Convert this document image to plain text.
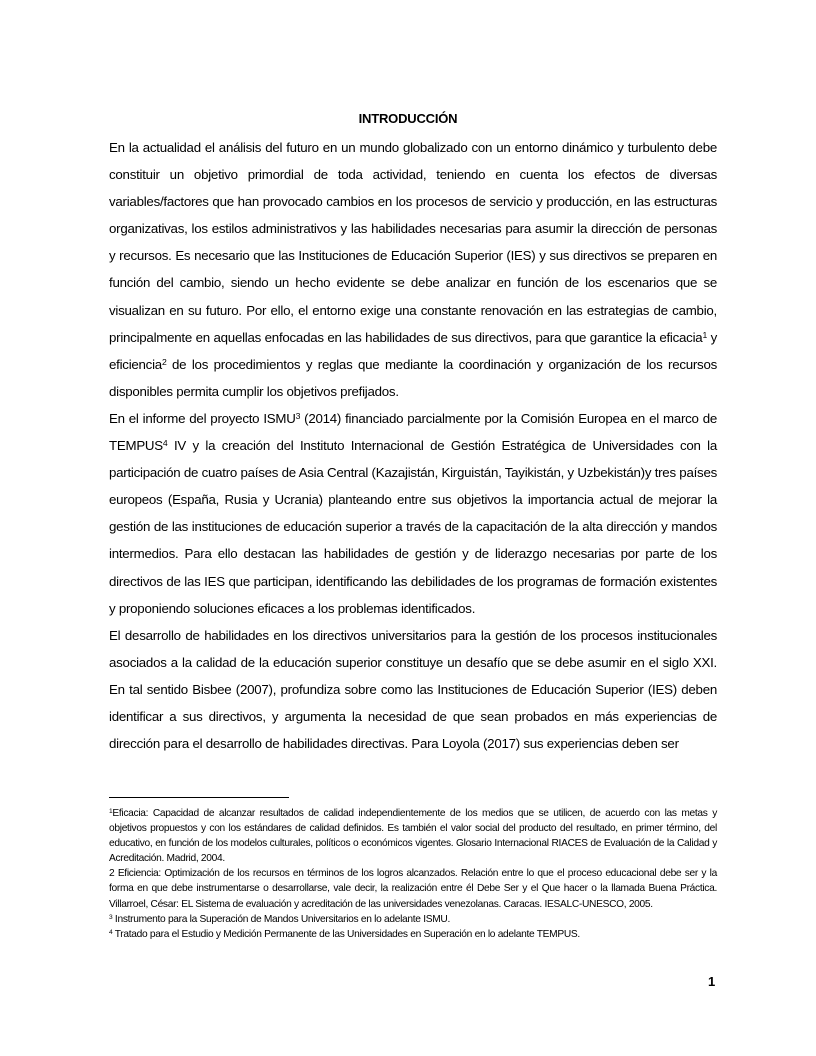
INTRODUCCIÓN

En la actualidad el análisis del futuro en un mundo globalizado con un entorno dinámico y turbulento debe constituir un objetivo primordial de toda actividad, teniendo en cuenta los efectos de diversas variables/factores que han provocado cambios en los procesos de servicio y producción, en las estructuras organizativas, los estilos administrativos y las habilidades necesarias para asumir la dirección de personas y recursos. Es necesario que las Instituciones de Educación Superior (IES) y sus directivos se preparen en función del cambio, siendo un hecho evidente se debe analizar en función de los escenarios que se visualizan en su futuro. Por ello, el entorno exige una constante renovación en las estrategias de cambio, principalmente en aquellas enfocadas en las habilidades de sus directivos, para que garantice la eficacia$^1$ y eficiencia$^2$ de los procedimientos y reglas que mediante la coordinación y organización de los recursos disponibles permita cumplir los objetivos prefijados.

En el informe del proyecto ISMU$^3$ (2014) financiado parcialmente por la Comisión Europea en el marco de TEMPUS$^4$ IV y la creación del Instituto Internacional de Gestión Estratégica de Universidades con la participación de cuatro países de Asia Central (Kazajistán, Kirguistán, Tayikistán, y Uzbekistán)y tres países europeos (España, Rusia y Ucrania) planteando entre sus objetivos la importancia actual de mejorar la gestión de las instituciones de educación superior a través de la capacitación de la alta dirección y mandos intermedios. Para ello destacan las habilidades de gestión y de liderazgo necesarias por parte de los directivos de las IES que participan, identificando las debilidades de los programas de formación existentes y proponiendo soluciones eficaces a los problemas identificados.

El desarrollo de habilidades en los directivos universitarios para la gestión de los procesos institucionales asociados a la calidad de la educación superior constituye un desafío que se debe asumir en el siglo XXI. En tal sentido Bisbee (2007), profundiza sobre como las Instituciones de Educación Superior (IES) deben identificar a sus directivos, y argumenta la necesidad de que sean probados en más experiencias de dirección para el desarrollo de habilidades directivas. Para Loyola (2017) sus experiencias deben ser

$^1$Eficacia: Capacidad de alcanzar resultados de calidad independientemente de los medios que se utilicen, de acuerdo con las metas y objetivos propuestos y con los estándares de calidad definidos. Es también el valor social del producto del resultado, en primer término, del educativo, en función de los modelos culturales, políticos o económicos vigentes. Glosario Internacional RIACES de Evaluación de la Calidad y Acreditación. Madrid, 2004.

2 Eficiencia: Optimización de los recursos en términos de los logros alcanzados. Relación entre lo que el proceso educacional debe ser y la forma en que debe instrumentarse o desarrollarse, vale decir, la realización entre él Debe Ser y el Que hacer o la llamada Buena Práctica. Villarroel, César: EL Sistema de evaluación y acreditación de las universidades venezolanas. Caracas. IESALC-UNESCO, 2005.

$^3$ Instrumento para la Superación de Mandos Universitarios en lo adelante ISMU.

$^4$ Tratado para el Estudio y Medición Permanente de las Universidades en Superación en lo adelante TEMPUS.

1
